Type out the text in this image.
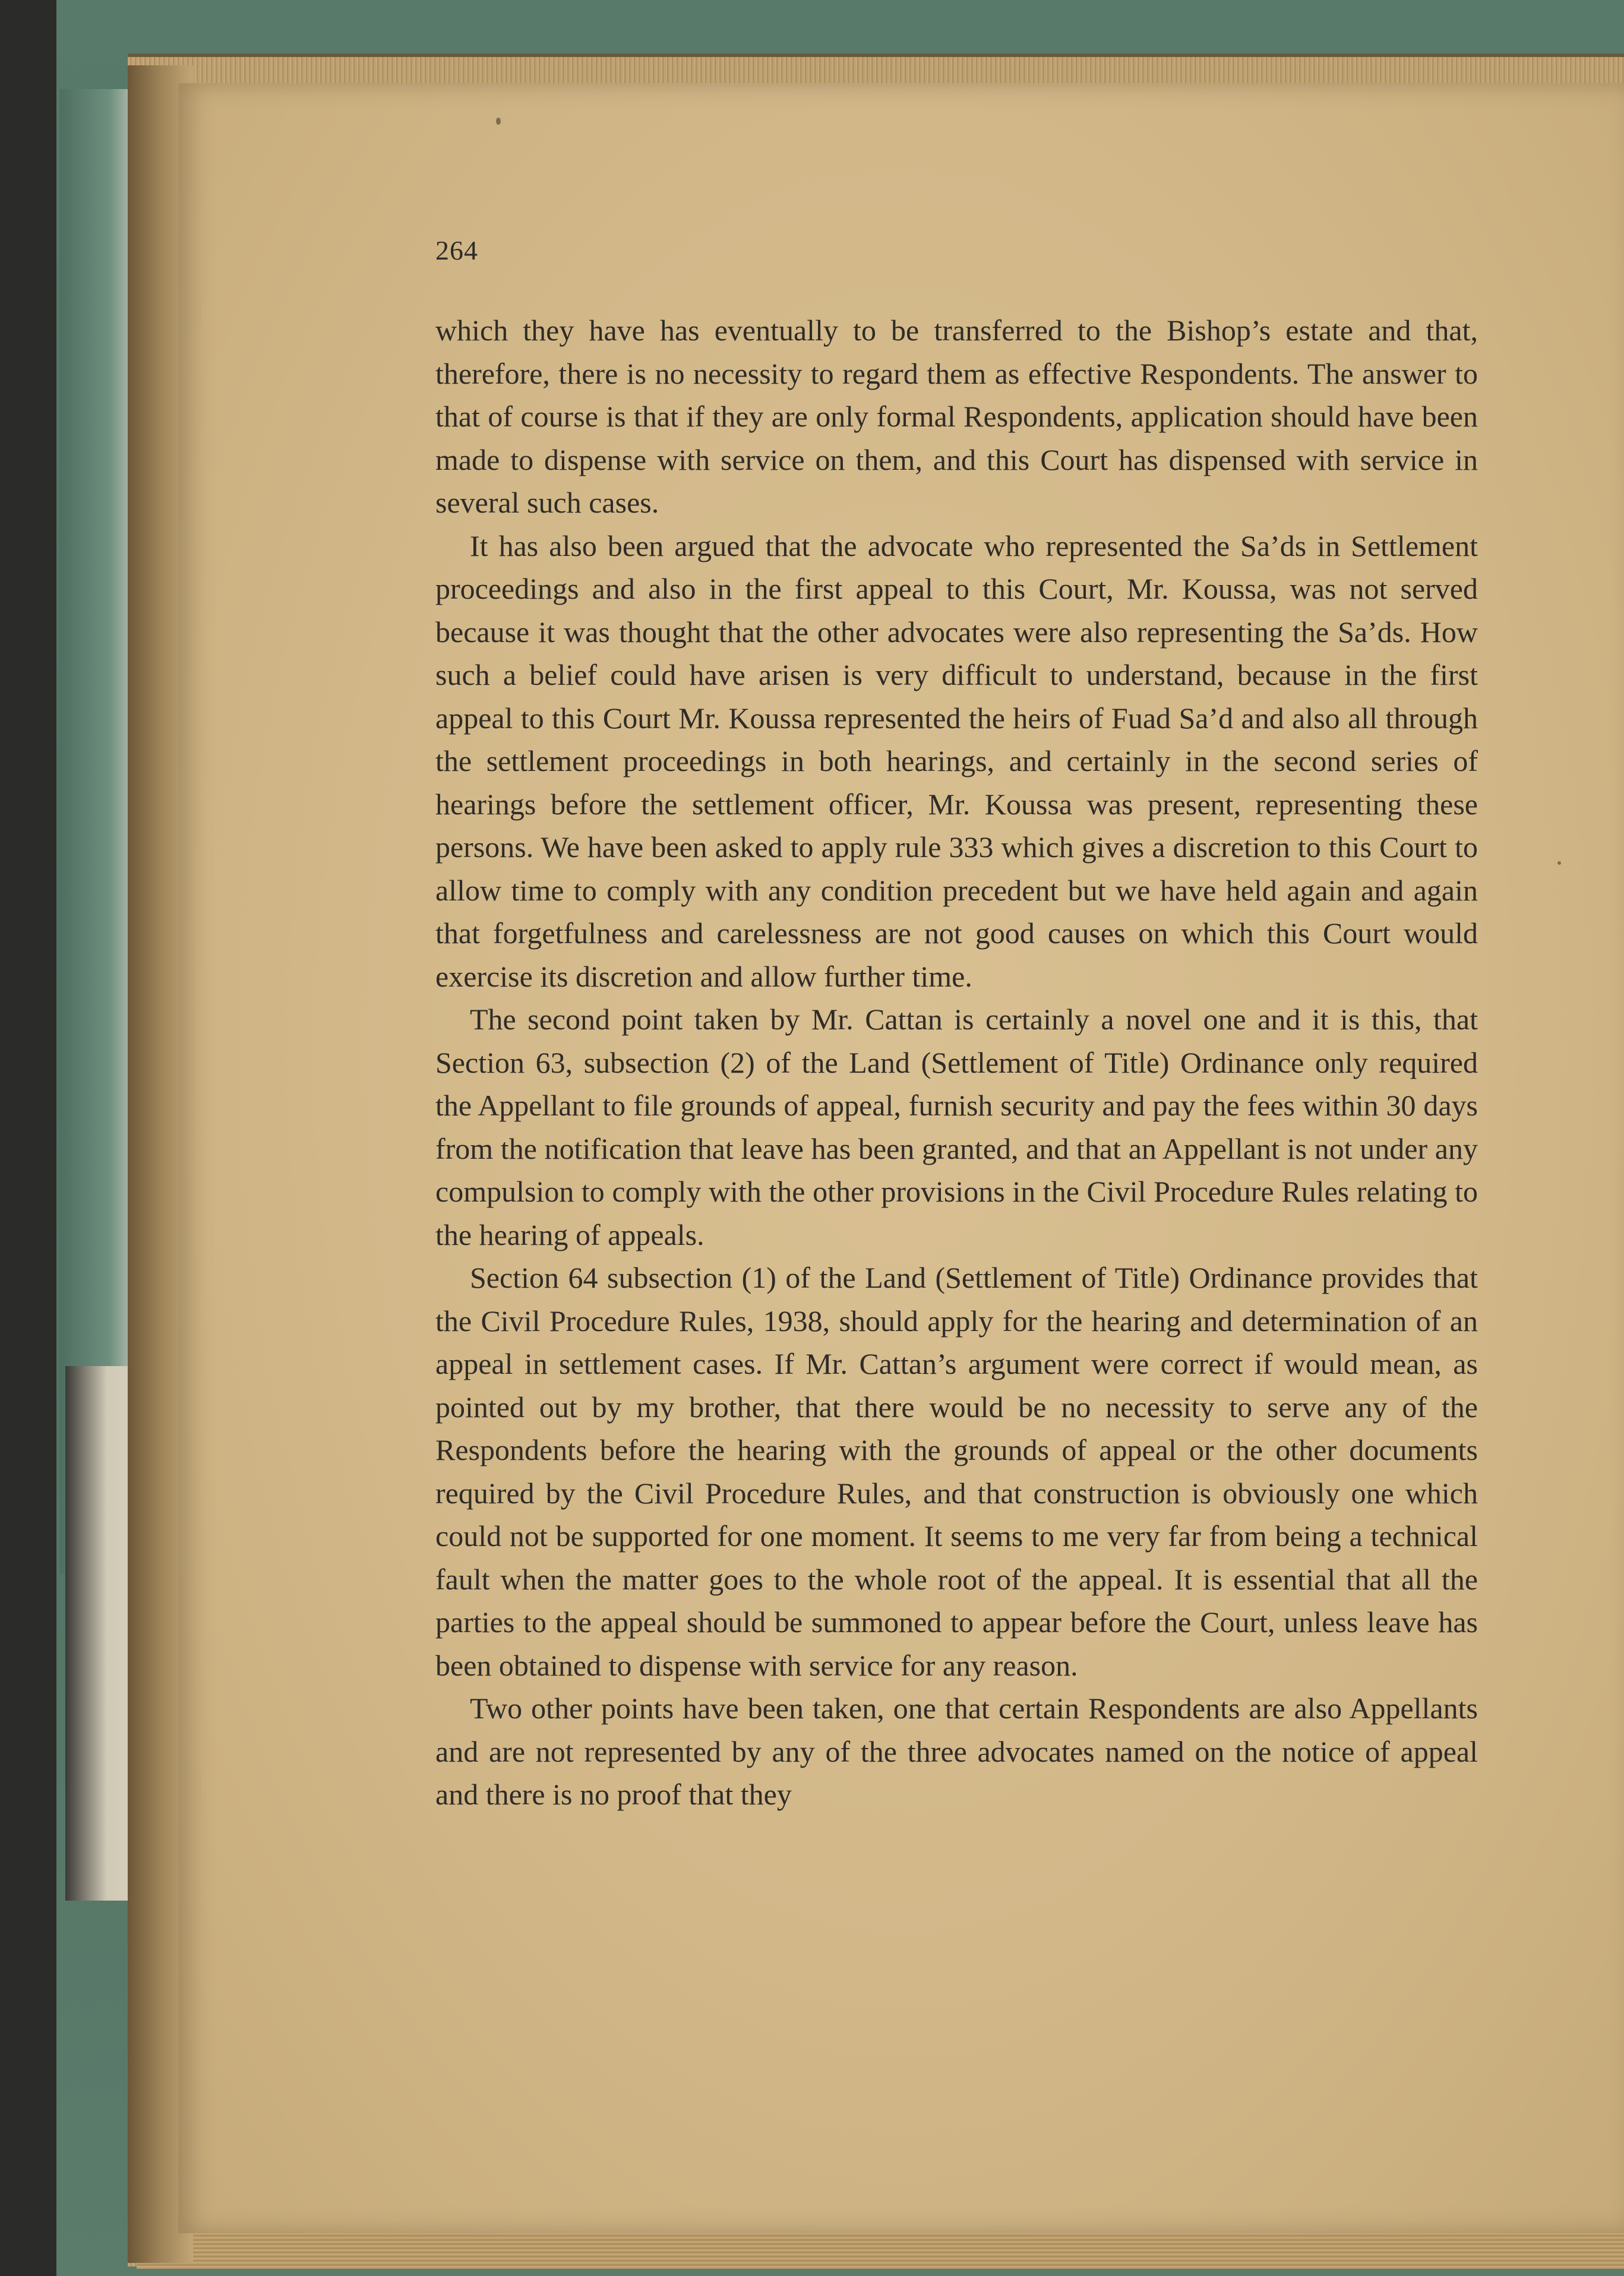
264

which they have has eventually to be transferred to the Bishop’s estate and that, therefore, there is no necessity to regard them as effective Respondents. The answer to that of course is that if they are only formal Respondents, application should have been made to dispense with service on them, and this Court has dispensed with service in several such cases.

It has also been argued that the advocate who represented the Sa’ds in Settlement proceedings and also in the first appeal to this Court, Mr. Koussa, was not served because it was thought that the other advocates were also representing the Sa’ds. How such a belief could have arisen is very difficult to understand, because in the first appeal to this Court Mr. Koussa represented the heirs of Fuad Sa’d and also all through the settlement proceedings in both hearings, and certainly in the second series of hearings before the settlement officer, Mr. Koussa was present, representing these persons. We have been asked to apply rule 333 which gives a discretion to this Court to allow time to comply with any condition precedent but we have held again and again that forgetfulness and carelessness are not good causes on which this Court would exercise its discretion and allow further time.

The second point taken by Mr. Cattan is certainly a novel one and it is this, that Section 63, subsection (2) of the Land (Settlement of Title) Ordinance only required the Appellant to file grounds of appeal, furnish security and pay the fees within 30 days from the notification that leave has been granted, and that an Appellant is not under any compulsion to comply with the other provisions in the Civil Procedure Rules relating to the hearing of appeals.

Section 64 subsection (1) of the Land (Settlement of Title) Ordinance provides that the Civil Procedure Rules, 1938, should apply for the hearing and determination of an appeal in settlement cases. If Mr. Cattan’s argument were correct if would mean, as pointed out by my brother, that there would be no necessity to serve any of the Respondents before the hearing with the grounds of appeal or the other documents required by the Civil Procedure Rules, and that construction is obviously one which could not be supported for one moment. It seems to me very far from being a technical fault when the matter goes to the whole root of the appeal. It is essential that all the parties to the appeal should be summoned to appear before the Court, unless leave has been obtained to dispense with service for any reason.

Two other points have been taken, one that certain Respondents are also Appellants and are not represented by any of the three advocates named on the notice of appeal and there is no proof that they
